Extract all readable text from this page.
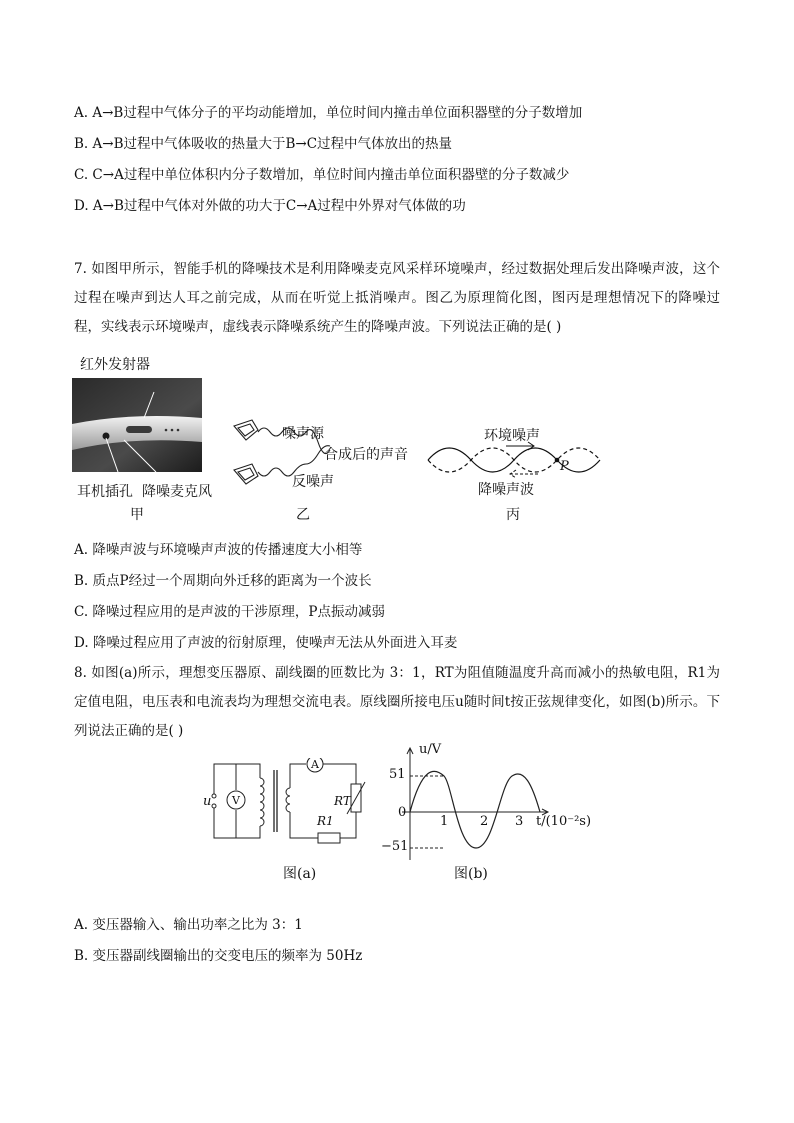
A. A→B过程中气体分子的平均动能增加，单位时间内撞击单位面积器壁的分子数增加
B. A→B过程中气体吸收的热量大于B→C过程中气体放出的热量
C. C→A过程中单位体积内分子数增加，单位时间内撞击单位面积器壁的分子数减少
D. A→B过程中气体对外做的功大于C→A过程中外界对气体做的功
7. 如图甲所示，智能手机的降噪技术是利用降噪麦克风采样环境噪声，经过数据处理后发出降噪声波，这个过程在噪声到达人耳之前完成，从而在听觉上抵消噪声。图乙为原理简化图，图丙是理想情况下的降噪过程，实线表示环境噪声，虚线表示降噪系统产生的降噪声波。下列说法正确的是( )
红外发射器
耳机插孔 降噪麦克风
甲
噪声源
合成后的声音
反噪声
乙
环境噪声
P
降噪声波
丙
A. 降噪声波与环境噪声声波的传播速度大小相等
B. 质点P经过一个周期向外迁移的距离为一个波长
C. 降噪过程应用的是声波的干涉原理，P点振动减弱
D. 降噪过程应用了声波的衍射原理，使噪声无法从外面进入耳麦
8. 如图(a)所示，理想变压器原、副线圈的匝数比为 3：1，RT为阻值随温度升高而减小的热敏电阻，R1为定值电阻，电压表和电流表均为理想交流电表。原线圈所接电压u随时间t按正弦规律变化，如图(b)所示。下列说法正确的是( )
u V
A
RT
R1
图(a)
u/V
51
0
1 2 3 t/(10⁻²s)
−51
图(b)
A. 变压器输入、输出功率之比为 3：1
B. 变压器副线圈输出的交变电压的频率为 50Hz
